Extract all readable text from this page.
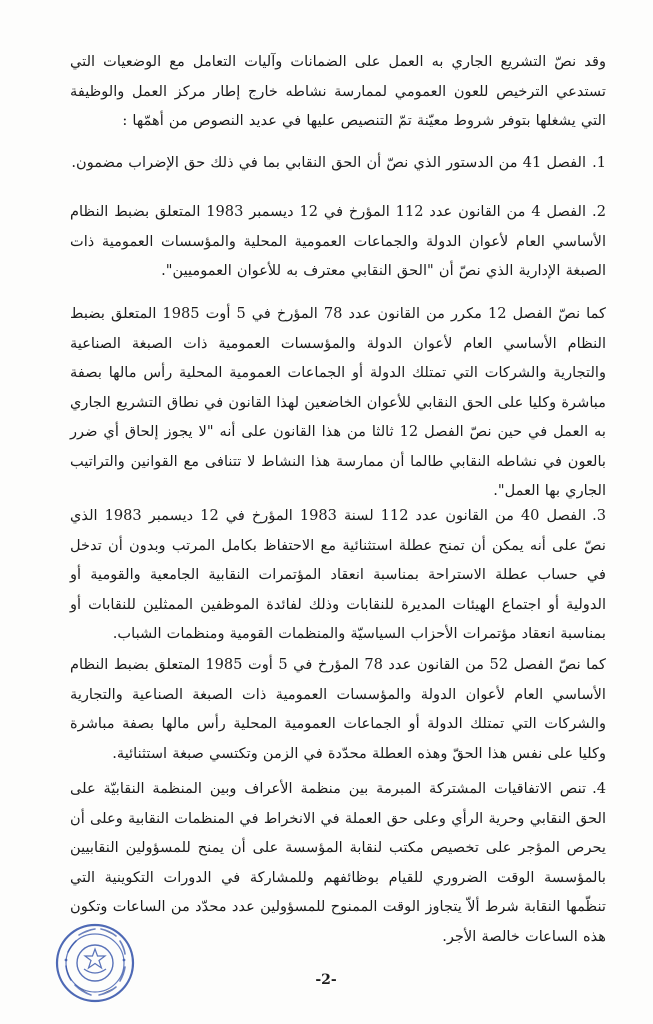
وقد نصّ التشريع الجاري به العمل على الضمانات وآليات التعامل مع الوضعيات التي تستدعي الترخيص للعون العمومي لممارسة نشاطه خارج إطار مركز العمل والوظيفة التي يشغلها بتوفر شروط معيّنة تمّ التنصيص عليها في عديد النصوص من أهمّها :

1.الفصل 41 من الدستور الذي نصّ أن الحق النقابي بما في ذلك حق الإضراب مضمون.

2.الفصل 4 من القانون عدد 112 المؤرخ في 12 ديسمبر 1983 المتعلق بضبط النظام الأساسي العام لأعوان الدولة والجماعات العمومية المحلية والمؤسسات العمومية ذات الصبغة الإدارية الذي نصّ أن "الحق النقابي معترف به للأعوان العموميين".

كما نصّ الفصل 12 مكرر من القانون عدد 78 المؤرخ في 5 أوت 1985 المتعلق بضبط النظام الأساسي العام لأعوان الدولة والمؤسسات العمومية ذات الصبغة الصناعية والتجارية والشركات التي تمتلك الدولة أو الجماعات العمومية المحلية رأس مالها بصفة مباشرة وكليا على الحق النقابي للأعوان الخاضعين لهذا القانون في نطاق التشريع الجاري به العمل في حين نصّ الفصل 12 ثالثا من هذا القانون على أنه "لا يجوز إلحاق أي ضرر بالعون في نشاطه النقابي طالما أن ممارسة هذا النشاط لا تتنافى مع القوانين والتراتيب الجاري بها العمل".

3.الفصل 40 من القانون عدد 112 لسنة 1983 المؤرخ في 12 ديسمبر 1983 الذي نصّ على أنه يمكن أن تمنح عطلة استثنائية مع الاحتفاظ بكامل المرتب وبدون أن تدخل في حساب عطلة الاستراحة بمناسبة انعقاد المؤتمرات النقابية الجامعية والقومية أو الدولية أو اجتماع الهيئات المديرة للنقابات وذلك لفائدة الموظفين الممثلين للنقابات أو بمناسبة انعقاد مؤتمرات الأحزاب السياسيّة والمنظمات القومية ومنظمات الشباب.

كما نصّ الفصل 52 من القانون عدد 78 المؤرخ في 5 أوت 1985 المتعلق بضبط النظام الأساسي العام لأعوان الدولة والمؤسسات العمومية ذات الصبغة الصناعية والتجارية والشركات التي تمتلك الدولة أو الجماعات العمومية المحلية رأس مالها بصفة مباشرة وكليا على نفس هذا الحقّ وهذه العطلة محدّدة في الزمن وتكتسي صبغة استثنائية.

4.تنص الاتفاقيات المشتركة المبرمة بين منظمة الأعراف وبين المنظمة النقابيّة على الحق النقابي وحرية الرأي وعلى حق العملة في الانخراط في المنظمات النقابية وعلى أن يحرص المؤجر على تخصيص مكتب لنقابة المؤسسة على أن يمنح للمسؤولين النقابيين بالمؤسسة الوقت الضروري للقيام بوظائفهم وللمشاركة في الدورات التكوينية التي تنظّمها النقابة شرط ألاّ يتجاوز الوقت الممنوح للمسؤولين عدد محدّد من الساعات وتكون هذه الساعات خالصة الأجر.

-2-
